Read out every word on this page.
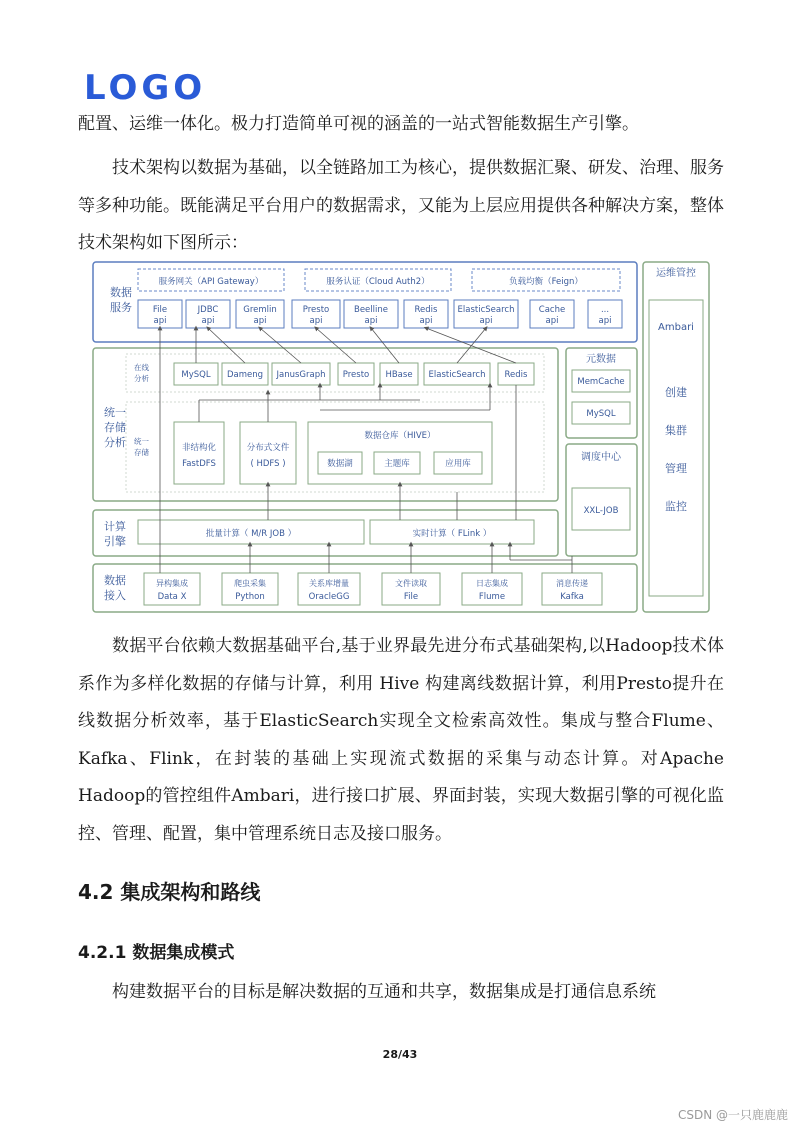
LOGO

配置、运维一体化。极力打造简单可视的涵盖的一站式智能数据生产引擎。

技术架构以数据为基础，以全链路加工为核心，提供数据汇聚、研发、治理、服务等多种功能。既能满足平台用户的数据需求，又能为上层应用提供各种解决方案，整体技术架构如下图所示：

数据
服务
服务网关（API Gateway）	服务认证（Cloud Auth2）	负载均衡（Feign）
File
api
JDBC
api
Gremlin
api
Presto
api
Beelline
api
Redis
api
ElasticSearch
api
Cache
api
...
api
统一
存储
分析
在线
分析	MySQL Dameng JanusGraph Presto HBase ElasticSearch Redis
统一
存储	非结构化
FastDFS
分布式文件
( HDFS )
数据仓库（HIVE）
数据湖	主题库	应用库
计算
引擎
批量计算（ M/R JOB ）	实时计算（ FLink ）
数据
接入
异构集成
Data X
爬虫采集
Python
关系库增量
OracleGG
文件读取
File
日志集成
Flume
消息传递
Kafka
元数据
MemCache
MySQL
调度中心
XXL-JOB
运维管控
Ambari
创建
集群
管理
监控

数据平台依赖大数据基础平台,基于业界最先进分布式基础架构,以Hadoop技术体系作为多样化数据的存储与计算，利用 Hive 构建离线数据计算，利用Presto提升在线数据分析效率，基于ElasticSearch实现全文检索高效性。集成与整合Flume、Kafka、Flink，在封装的基础上实现流式数据的采集与动态计算。对Apache Hadoop的管控组件Ambari，进行接口扩展、界面封装，实现大数据引擎的可视化监控、管理、配置，集中管理系统日志及接口服务。

4.2 集成架构和路线
4.2.1 数据集成模式

构建数据平台的目标是解决数据的互通和共享，数据集成是打通信息系统

28/43
CSDN @一只鹿鹿鹿
